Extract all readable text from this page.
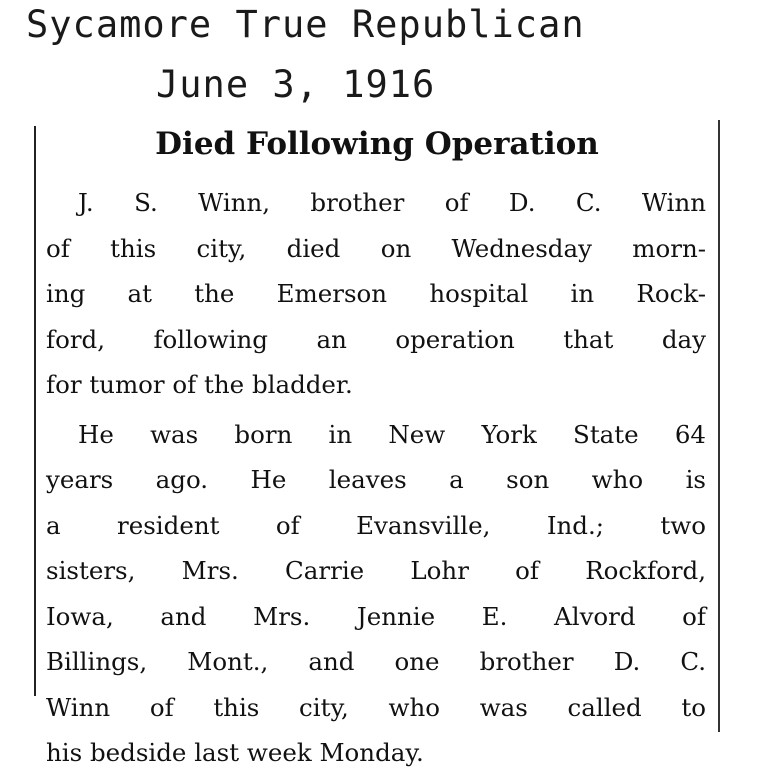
Sycamore True Republican
June 3, 1916
Died Following Operation
J. S. Winn, brother of D. C. Winn
of this city, died on Wednesday morn-
ing at the Emerson hospital in Rock-
ford, following an operation that day
for tumor of the bladder.
He was born in New York State 64
years ago. He leaves a son who is
a resident of Evansville, Ind.; two
sisters, Mrs. Carrie Lohr of Rockford,
Iowa, and Mrs. Jennie E. Alvord of
Billings, Mont., and one brother D. C.
Winn of this city, who was called to
his bedside last week Monday.
